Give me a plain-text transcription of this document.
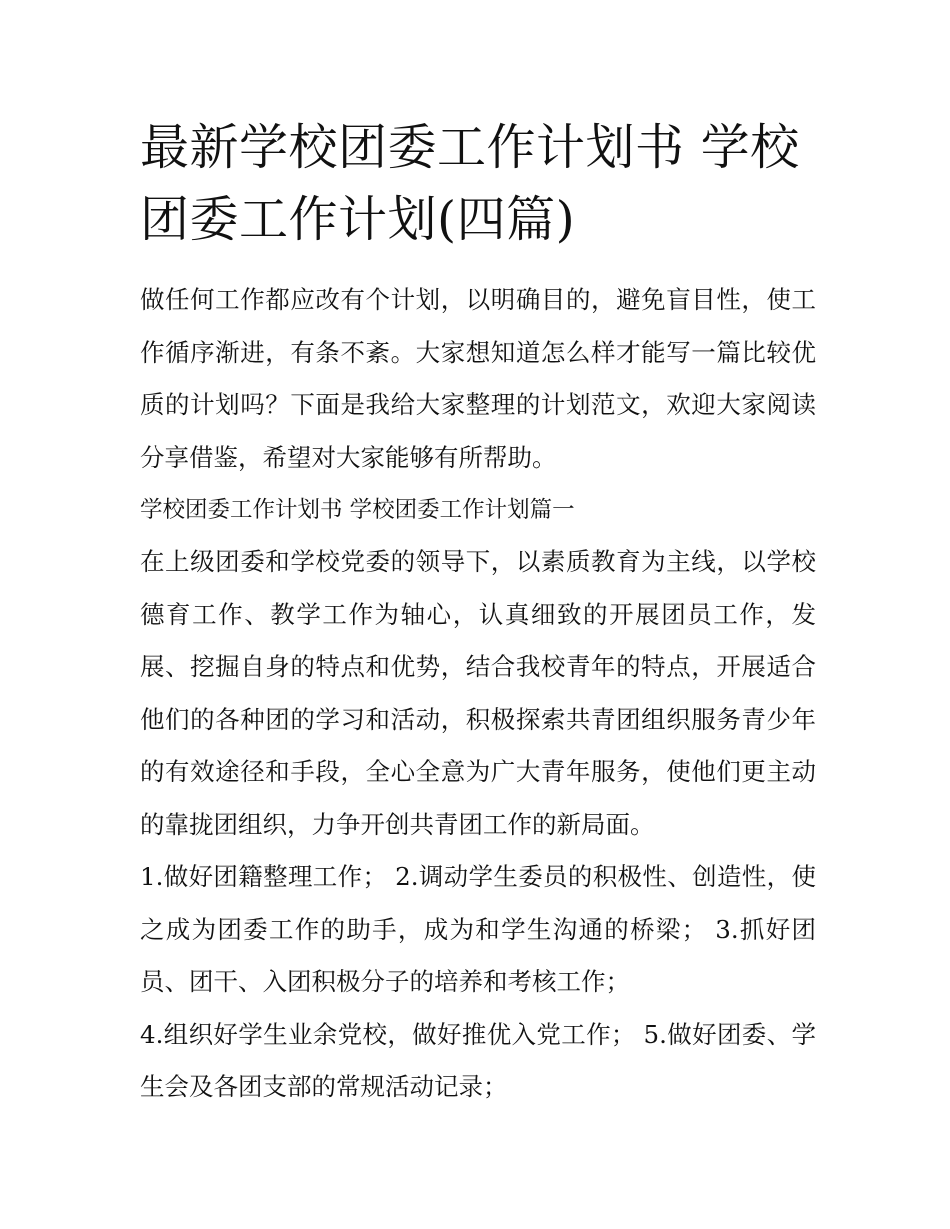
最新学校团委工作计划书 学校团委工作计划(四篇)

做任何工作都应改有个计划，以明确目的，避免盲目性，使工作循序渐进，有条不紊。大家想知道怎么样才能写一篇比较优质的计划吗？下面是我给大家整理的计划范文，欢迎大家阅读分享借鉴，希望对大家能够有所帮助。

学校团委工作计划书 学校团委工作计划篇一

在上级团委和学校党委的领导下，以素质教育为主线，以学校德育工作、教学工作为轴心，认真细致的开展团员工作，发展、挖掘自身的特点和优势，结合我校青年的特点，开展适合他们的各种团的学习和活动，积极探索共青团组织服务青少年的有效途径和手段，全心全意为广大青年服务，使他们更主动的靠拢团组织，力争开创共青团工作的新局面。

1.做好团籍整理工作； 2.调动学生委员的积极性、创造性，使之成为团委工作的助手，成为和学生沟通的桥梁； 3.抓好团员、团干、入团积极分子的培养和考核工作；

4.组织好学生业余党校，做好推优入党工作； 5.做好团委、学生会及各团支部的常规活动记录；
